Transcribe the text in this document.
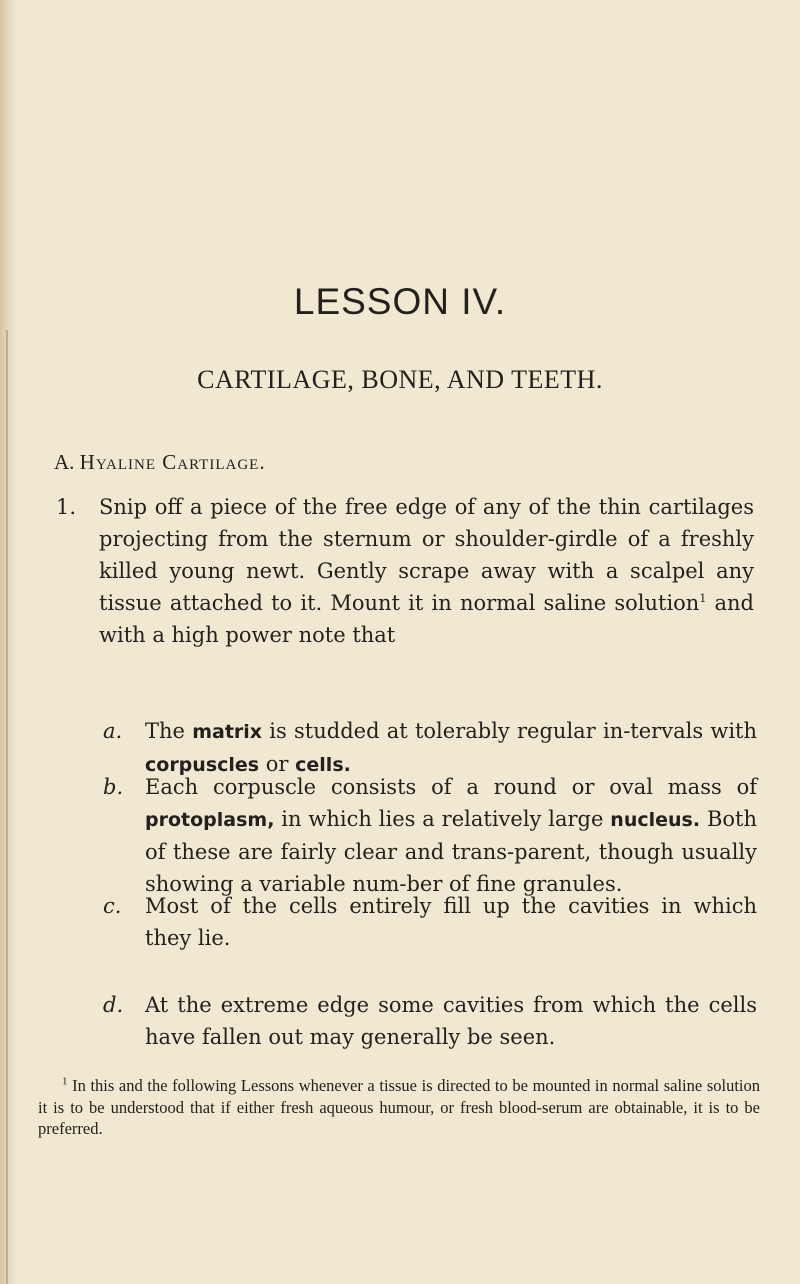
LESSON IV.
CARTILAGE, BONE, AND TEETH.
A. Hyaline Cartilage.
1. Snip off a piece of the free edge of any of the thin cartilages projecting from the sternum or shoulder-girdle of a freshly killed young newt. Gently scrape away with a scalpel any tissue attached to it. Mount it in normal saline solution$^1$ and with a high power note that
a. The matrix is studded at tolerably regular in-tervals with corpuscles or cells.
b. Each corpuscle consists of a round or oval mass of protoplasm, in which lies a relatively large nucleus. Both of these are fairly clear and trans-parent, though usually showing a variable num-ber of fine granules.
c. Most of the cells entirely fill up the cavities in which they lie.
d. At the extreme edge some cavities from which the cells have fallen out may generally be seen.
$^1$ In this and the following Lessons whenever a tissue is directed to be mounted in normal saline solution it is to be understood that if either fresh aqueous humour, or fresh blood-serum are obtainable, it is to be preferred.
